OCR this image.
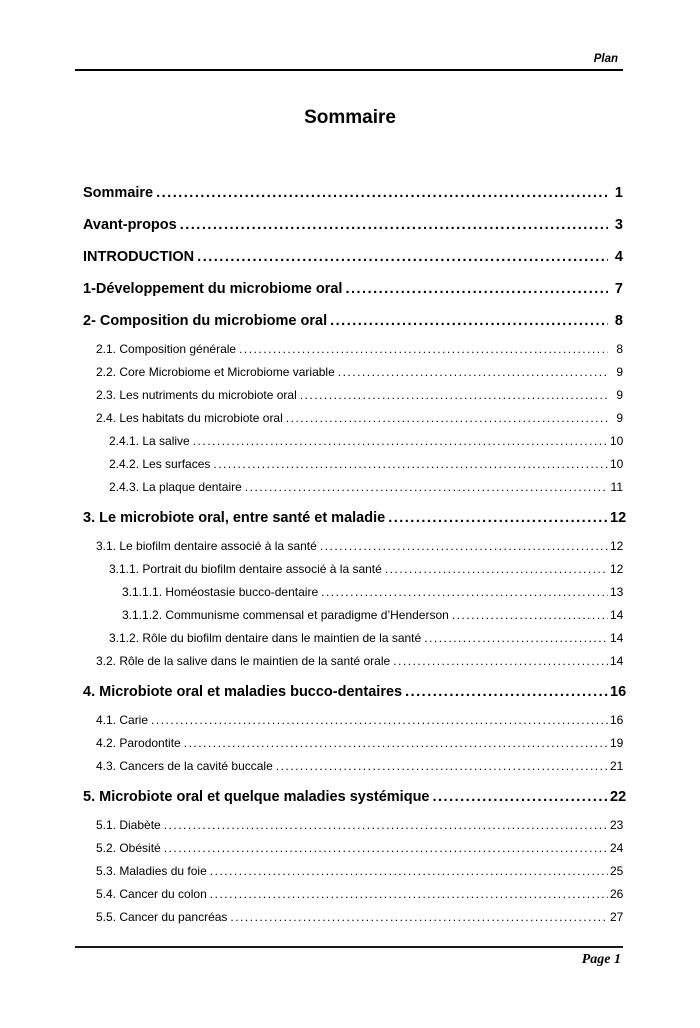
Plan
Sommaire
Sommaire .....	1
Avant-propos .....	3
INTRODUCTION .....	4
1-Développement du microbiome oral .....	7
2- Composition du microbiome oral .....	8
2.1. Composition générale .....	8
2.2. Core Microbiome et Microbiome variable .....	9
2.3. Les nutriments du microbiote oral .....	9
2.4. Les habitats du microbiote oral .....	9
2.4.1. La salive .....	10
2.4.2. Les surfaces .....	10
2.4.3. La plaque dentaire .....	11
3. Le microbiote oral, entre santé et maladie .....	12
3.1. Le biofilm dentaire associé à la santé .....	12
3.1.1. Portrait du biofilm dentaire associé à la santé .....	12
3.1.1.1. Homéostasie bucco-dentaire .....	13
3.1.1.2. Communisme commensal et paradigme d’Henderson .....	14
3.1.2. Rôle du biofilm dentaire dans le maintien de la santé .....	14
3.2. Rôle de la salive dans le maintien de la santé orale .....	14
4. Microbiote oral et maladies bucco-dentaires .....	16
4.1. Carie .....	16
4.2. Parodontite .....	19
4.3. Cancers de la cavité buccale .....	21
5. Microbiote oral et quelque maladies systémique .....	22
5.1. Diabète .....	23
5.2. Obésité .....	24
5.3. Maladies du foie .....	25
5.4. Cancer du colon .....	26
5.5. Cancer du pancréas .....	27
Page 1
